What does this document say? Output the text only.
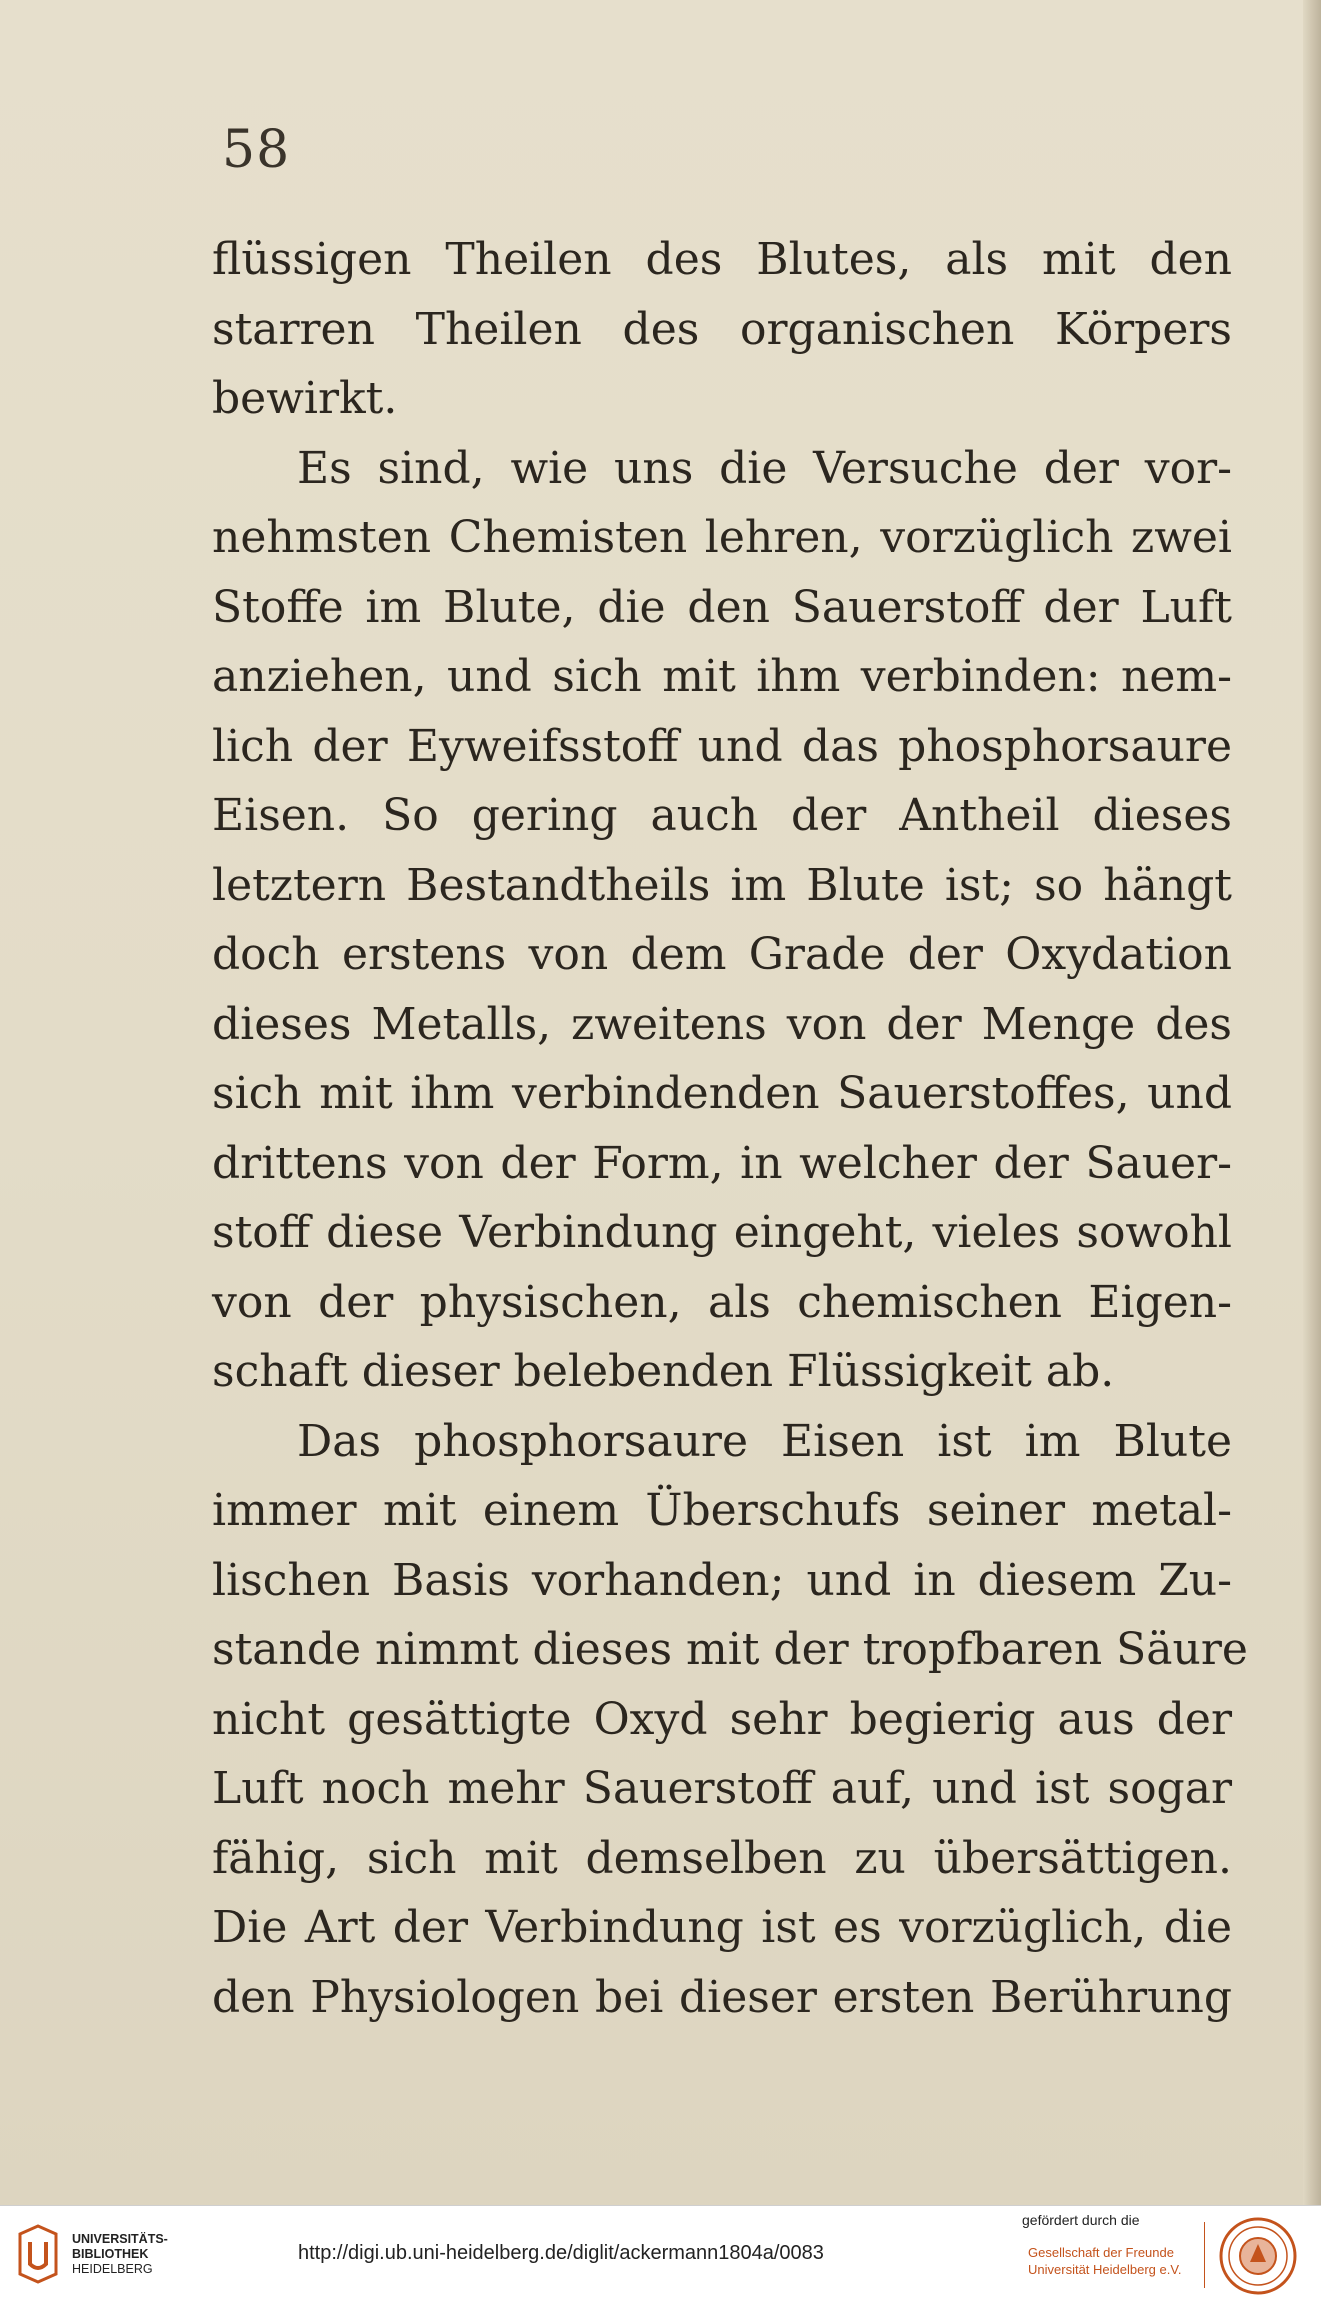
58
flüssigen Theilen des Blutes, als mit den
starren Theilen des organischen Körpers
bewirkt.
Es sind, wie uns die Versuche der vor-
nehmsten Chemisten lehren, vorzüglich zwei
Stoffe im Blute, die den Sauerstoff der Luft
anziehen, und sich mit ihm verbinden: nem-
lich der Eyweifsstoff und das phosphorsaure
Eisen. So gering auch der Antheil dieses
letztern Bestandtheils im Blute ist; so hängt
doch erstens von dem Grade der Oxydation
dieses Metalls, zweitens von der Menge des
sich mit ihm verbindenden Sauerstoffes, und
drittens von der Form, in welcher der Sauer-
stoff diese Verbindung eingeht, vieles sowohl
von der physischen, als chemischen Eigen-
schaft dieser belebenden Flüssigkeit ab.
Das phosphorsaure Eisen ist im Blute
immer mit einem Überschufs seiner metal-
lischen Basis vorhanden; und in diesem Zu-
stande nimmt dieses mit der tropfbaren Säure
nicht gesättigte Oxyd sehr begierig aus der
Luft noch mehr Sauerstoff auf, und ist sogar
fähig, sich mit demselben zu übersättigen.
Die Art der Verbindung ist es vorzüglich, die
den Physiologen bei dieser ersten Berührung
UNIVERSITÄTS-
BIBLIOTHEK
HEIDELBERG
http://digi.ub.uni-heidelberg.de/diglit/ackermann1804a/0083
gefördert durch die
Gesellschaft der Freunde
Universität Heidelberg e.V.
